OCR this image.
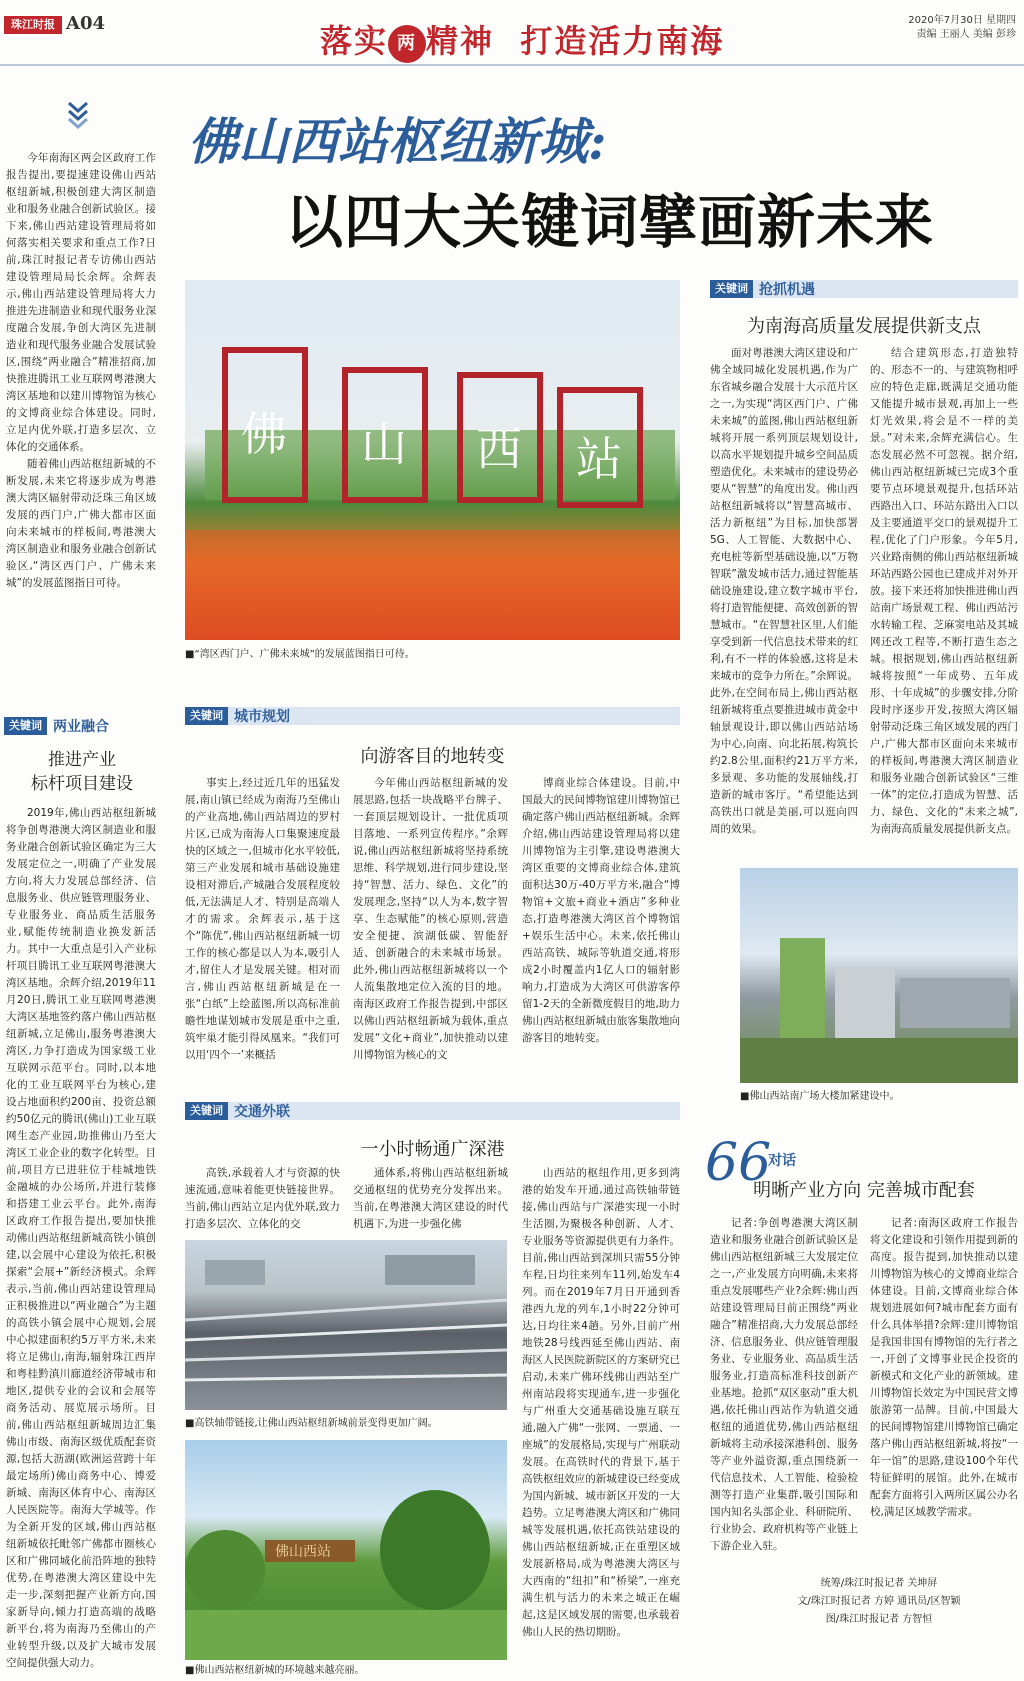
珠江时报 A04	落实 两会精神 打造活力南海
2020年7月30日 星期四
责编 王丽人 美编 彭珍
佛山西站枢纽新城:
以四大关键词擘画新未来

今年南海区两会区政府工作报告提出,要提速建设佛山西站枢纽新城,积极创建大湾区制造业和服务业融合创新试验区。接下来,佛山西站建设管理局将如何落实相关要求和重点工作?日前,珠江时报记者专访佛山西站建设管理局局长余辉。余辉表示,佛山西站建设管理局将大力推进先进制造业和现代服务业深度融合发展,争创大湾区先进制造业和现代服务业融合发展试验区,围绕“两业融合”精准招商,加快推进腾讯工业互联网粤港澳大湾区基地和以建川博物馆为核心的文博商业综合体建设。同时,立足内优外联,打造多层次、立体化的交通体系。

随着佛山西站枢纽新城的不断发展,未来它将逐步成为粤港澳大湾区辐射带动泛珠三角区域发展的西门户,广佛大都市区面向未来城市的样板间,粤港澳大湾区制造业和服务业融合创新试验区,“湾区西门户、广佛未来城”的发展蓝图指日可待。

佛 山 西 站
■“湾区西门户、广佛未来城”的发展蓝图指日可待。
关键词 两业融合
推进产业
标杆项目建设

2019年,佛山西站枢纽新城将争创粤港澳大湾区制造业和服务业融合创新试验区确定为三大发展定位之一,明确了产业发展方向,将大力发展总部经济、信息服务业、供应链管理服务业、专业服务业、商品质生活服务业,赋能传统制造业换发新活力。其中一大重点是引入产业标杆项目腾讯工业互联网粤港澳大湾区基地。余辉介绍,2019年11月20日,腾讯工业互联网粤港澳大湾区基地签约落户佛山西站枢纽新城,立足佛山,服务粤港澳大湾区,力争打造成为国家级工业互联网示范平台。同时,以本地化的工业互联网平台为核心,建设占地面积约200亩、投资总额约50亿元的腾讯(佛山)工业互联网生态产业园,助推佛山乃至大湾区工业企业的数字化转型。目前,项目方已进驻位于桂城地铁金融城的办公场所,并进行装修和搭建工业云平台。此外,南海区政府工作报告提出,要加快推动佛山西站枢纽新城高铁小镇创建,以会展中心建设为依托,积极探索“会展+”新经济模式。余辉表示,当前,佛山西站建设管理局正积极推进以“两业融合”为主题的高铁小镇会展中心规划,会展中心拟建面积约5万平方米,未来将立足佛山,南海,辐射珠江西岸和粤桂黔滇川廊道经济带城市和地区,提供专业的会议和会展等商务活动、展览展示场所。目前,佛山西站枢纽新城周边汇集佛山市级、南海区级优质配套资源,包括大沥湖(欧洲运营跨十年最定场所)佛山商务中心、博爱新城、南海区体育中心、南海区人民医院等。南海大学城等。作为全新开发的区域,佛山西站枢纽新城依托毗邻广佛都市圈核心区和广佛同城化前沿阵地的独特优势,在粤港澳大湾区建设中先走一步,深刻把握产业新方向,国家新导向,倾力打造高端的战略新平台,将为南海乃至佛山的产业转型升级,以及扩大城市发展空间提供强大动力。

关键词 城市规划
向游客目的地转变

事实上,经过近几年的迅猛发展,南山镇已经成为南海乃至佛山的产业高地,佛山西站周边的罗村片区,已成为南海人口集聚速度最快的区域之一,但城市化水平较低,第三产业发展和城市基础设施建设相对滞后,产城融合发展程度较低,无法满足人才、特别是高端人才的需求。余辉表示,基于这个“陈优”,佛山西站枢纽新城一切工作的核心都是以人为本,吸引人才,留住人才是发展关键。相对而言,佛山西站枢纽新城是在一张“白纸”上绘蓝图,所以高标准前瞻性地谋划城市发展是重中之重,筑牢巢才能引得凤凰来。“我们可以用‘四个一’来概括

今年佛山西站枢纽新城的发展思路,包括一块战略平台牌子、一套顶层规划设计、一批优质项目落地、一系列宣传程序。”余辉说,佛山西站枢纽新城将坚持系统思维、科学规划,进行同步建设,坚持“智慧、活力、绿色、文化”的发展理念,坚持“以人为本,数字智享、生态赋能”的核心原则,营造安全便捷、滨湖低碳、智能舒适、创新融合的未来城市场景。此外,佛山西站枢纽新城将以一个人流集散地定位入流的目的地。南海区政府工作报告提到,中部区以佛山西站枢纽新城为载体,重点发展“文化+商业”,加快推动以建川博物馆为核心的文

博商业综合体建设。目前,中国最大的民间博物馆建川博物馆已确定落户佛山西站枢纽新城。余辉介绍,佛山西站建设管理局将以建川博物馆为主引擎,建设粤港澳大湾区重要的文博商业综合体,建筑面积达30万-40万平方米,融合“博物馆+文旅+商业+酒店”多种业态,打造粤港澳大湾区首个博物馆+娱乐生活中心。未来,依托佛山西站高铁、城际等轨道交通,将形成2小时覆盖内1亿人口的辐射影响力,打造成为大湾区可供游客停留1-2天的全新微度假目的地,助力佛山西站枢纽新城由旅客集散地向游客目的地转变。

关键词 交通外联
一小时畅通广深港

高铁,承载着人才与资源的快速流通,意味着能更快链接世界。当前,佛山西站立足内优外联,致力打造多层次、立体化的交

通体系,将佛山西站枢纽新城交通枢纽的优势充分发挥出来。当前,在粤港澳大湾区建设的时代机遇下,为进一步强化佛

山西站的枢纽作用,更多到湾港的始发车开通,通过高铁轴带链接,佛山西站与广深港实现一小时生活圈,为聚极各种创新、人才、专业服务等资源提供更有力条件。目前,佛山西站到深圳只需55分钟车程,日均往来列车11列,始发车4列。而在2019年7月日开通到香港西九龙的列车,1小时22分钟可达,日均往来4趟。另外,目前广州地铁28号线西延至佛山西站、南海区人民医院新院区的方案研究已启动,未来广佛环线佛山西站至广州南站段将实现通车,进一步强化与广州重大交通基础设施互联互通,融入广佛“一张网、一票通、一座城”的发展格局,实现与广州联动发展。在高铁时代的背景下,基于高铁枢纽效应的新城建设已经变成为国内新城、城市新区开发的一大趋势。立足粤港澳大湾区和广佛同城等发展机遇,依托高铁站建设的佛山西站枢纽新城,正在重塑区域发展新格局,成为粤港澳大湾区与大西南的“纽扣”和“桥梁”,一座充满生机与活力的未来之城正在崛起,这是区域发展的需要,也承载着佛山人民的热切期盼。

■高铁轴带链接,让佛山西站枢纽新城前景变得更加广阔。
佛山西站
■佛山西站枢纽新城的环境越来越亮丽。
关键词 抢抓机遇
为南海高质量发展提供新支点

面对粤港澳大湾区建设和广佛全域同城化发展机遇,作为广东省城乡融合发展十大示范片区之一,为实现“湾区西门户、广佛未来城”的蓝图,佛山西站枢纽新城将开展一系列顶层规划设计,以高水平规划提升城乡空间品质塑造优化。未来城市的建设势必要从“智慧”的角度出发。佛山西站枢纽新城将以“智慧高城市、活力新枢纽”为目标,加快部署5G、人工智能、大数据中心、充电桩等新型基础设施,以“万物智联”激发城市活力,通过智能基础设施建设,建立数字城市平台,将打造智能便捷、高效创新的智慧城市。“在智慧社区里,人们能享受到新一代信息技术带来的红利,有不一样的体验感,这将是未来城市的竞争力所在。”余辉说。此外,在空间布局上,佛山西站枢纽新城将重点要推进城市黄金中轴景观设计,即以佛山西站站场为中心,向南、向北拓展,构筑长约2.8公里,面积约21万平方米,多景观、多功能的发展轴线,打造新的城市客厅。“希望能达到高铁出口就是美丽,可以逛向四周的效果。

结合建筑形态,打造独特的、形态不一的、与建筑物相呼应的特色走廊,既满足交通功能又能提升城市景观,再加上一些灯光效果,将会是不一样的美景。”对未来,余辉充满信心。生态发展必然不可忽视。据介绍,佛山西站枢纽新城已完成3个重要节点环境景观提升,包括环站西路出入口、环站东路出入口以及主要通道平交口的景观提升工程,优化了门户形象。今年5月,兴业路南侧的佛山西站枢纽新城环站西路公园也已建成并对外开放。接下来还将加快推进佛山西站南广场景观工程、佛山西站污水转输工程、芝麻窦电站及其城网还改工程等,不断打造生态之城。根据规划,佛山西站枢纽新城将按照“一年成势、五年成形、十年成城”的步骤安排,分阶段时序逐步开发,按照大湾区辐射带动泛珠三角区域发展的西门户,广佛大都市区面向未来城市的样板间,粤港澳大湾区制造业和服务业融合创新试验区“三维一体”的定位,打造成为智慧、活力、绿色、文化的“未来之城”,为南海高质量发展提供新支点。

■佛山西站南广场大楼加紧建设中。
66
对话
明晰产业方向 完善城市配套

记者:争创粤港澳大湾区制造业和服务业融合创新试验区是佛山西站枢纽新城三大发展定位之一,产业发展方向明确,未来将重点发展哪些产业?余辉:佛山西站建设管理局目前正围绕“两业融合”精准招商,大力发展总部经济、信息服务业、供应链管理服务业、专业服务业、高品质生活服务业,打造高标准科技创新产业基地。抢抓“双区驱动”重大机遇,依托佛山西站作为轨道交通枢纽的通道优势,佛山西站枢纽新城将主动承接深港科创、服务等产业外溢资源,重点围绕新一代信息技术、人工智能、检验检测等打造产业集群,吸引国际和国内知名头部企业、科研院所、行业协会、政府机构等产业链上下游企业入驻。

记者:南海区政府工作报告将文化建设和引领作用提到新的高度。报告提到,加快推动以建川博物馆为核心的文博商业综合体建设。目前,文博商业综合体规划进展如何?城市配套方面有什么具体举措?余辉:建川博物馆是我国非国有博物馆的先行者之一,开创了文博事业民企投资的新模式和文化产业的新领域。建川博物馆长效定为中国民营文博旅游第一品牌。目前,中国最大的民间博物馆建川博物馆已确定落户佛山西站枢纽新城,将按“一年一馆”的思路,建设100个年代特征鲜明的展馆。此外,在城市配套方面将引入两所区属公办名校,满足区域教学需求。

统筹/珠江时报记者 关坤屏
文/珠江时报记者 方婷 通讯员/区智颖
图/珠江时报记者 方智恒
